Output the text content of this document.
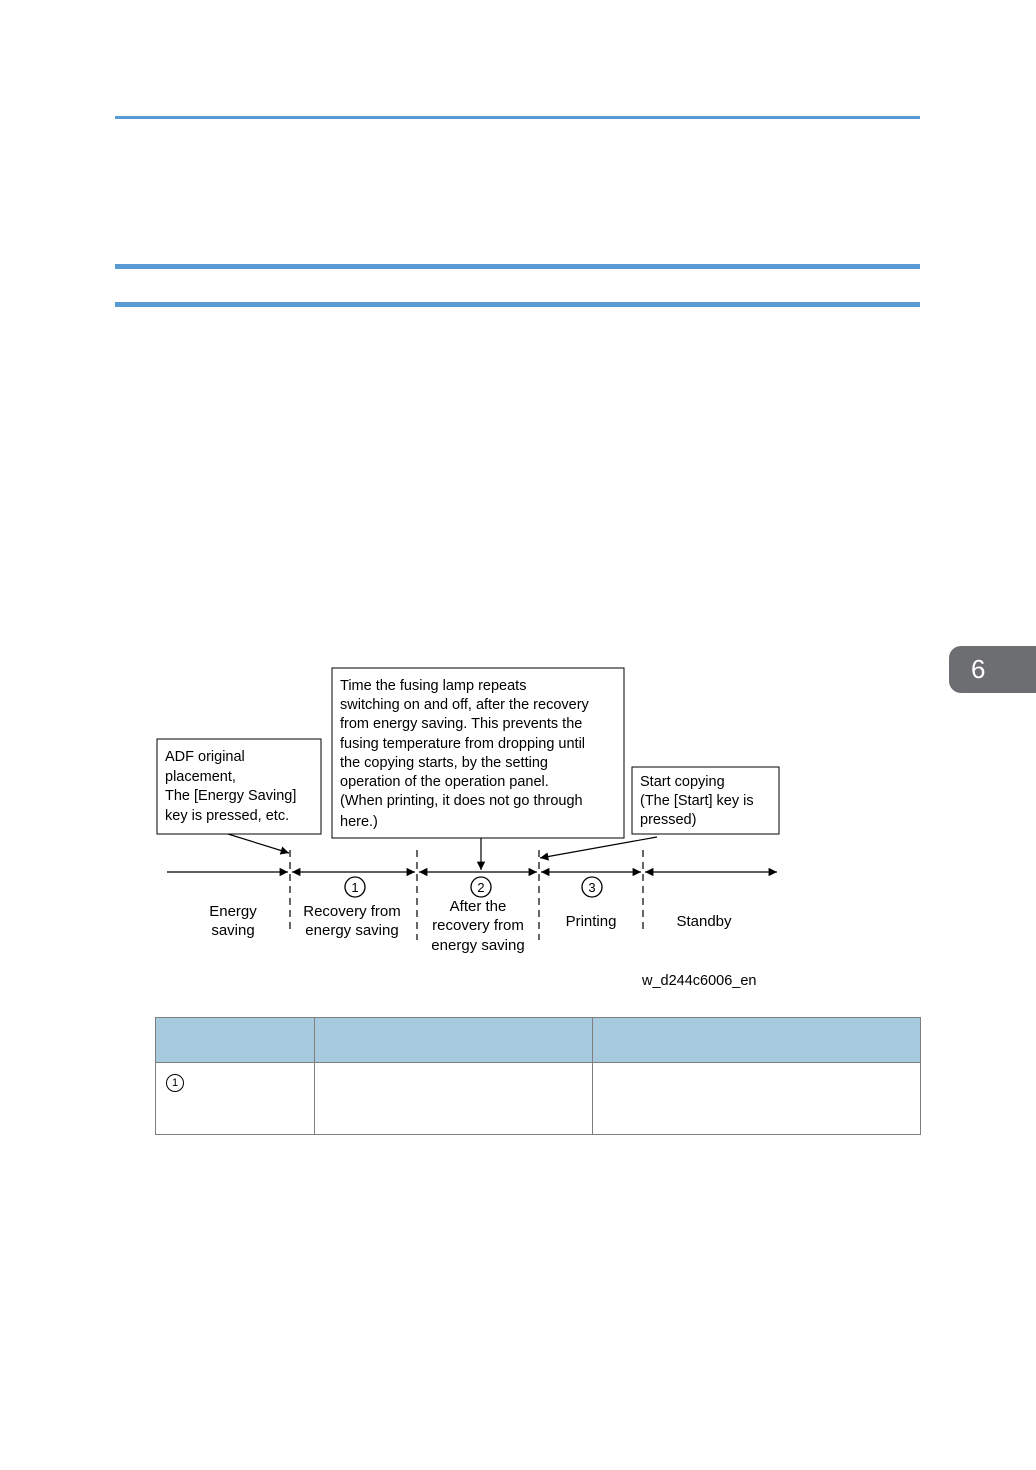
6
ADF original
placement,
The [Energy Saving]
key is pressed, etc.
Time the fusing lamp repeats
switching on and off, after the recovery
from energy saving. This prevents the
fusing temperature from dropping until
the copying starts, by the setting
operation of the operation panel.
(When printing, it does not go through
here.)
Start copying
(The [Start] key is
pressed)
1	2	3
Energy
saving
Recovery from
energy saving
After the
recovery from
energy saving
Printing	Standby
w_d244c6006_en

1		
